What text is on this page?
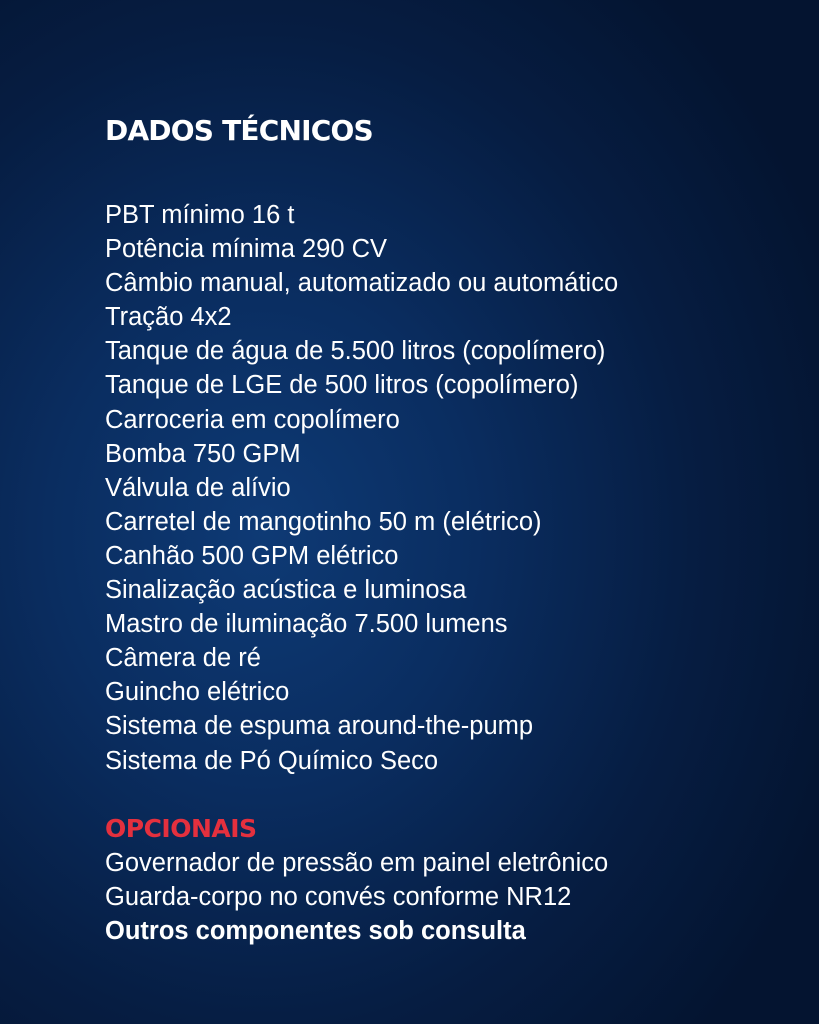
DADOS TÉCNICOS
PBT mínimo 16 t
Potência mínima 290 CV
Câmbio manual, automatizado ou automático
Tração 4x2
Tanque de água de 5.500 litros (copolímero)
Tanque de LGE de 500 litros (copolímero)
Carroceria em copolímero
Bomba 750 GPM
Válvula de alívio
Carretel de mangotinho 50 m (elétrico)
Canhão 500 GPM elétrico
Sinalização acústica e luminosa
Mastro de iluminação 7.500 lumens
Câmera de ré
Guincho elétrico
Sistema de espuma around-the-pump
Sistema de Pó Químico Seco
OPCIONAIS
Governador de pressão em painel eletrônico
Guarda-corpo no convés conforme NR12
Outros componentes sob consulta
